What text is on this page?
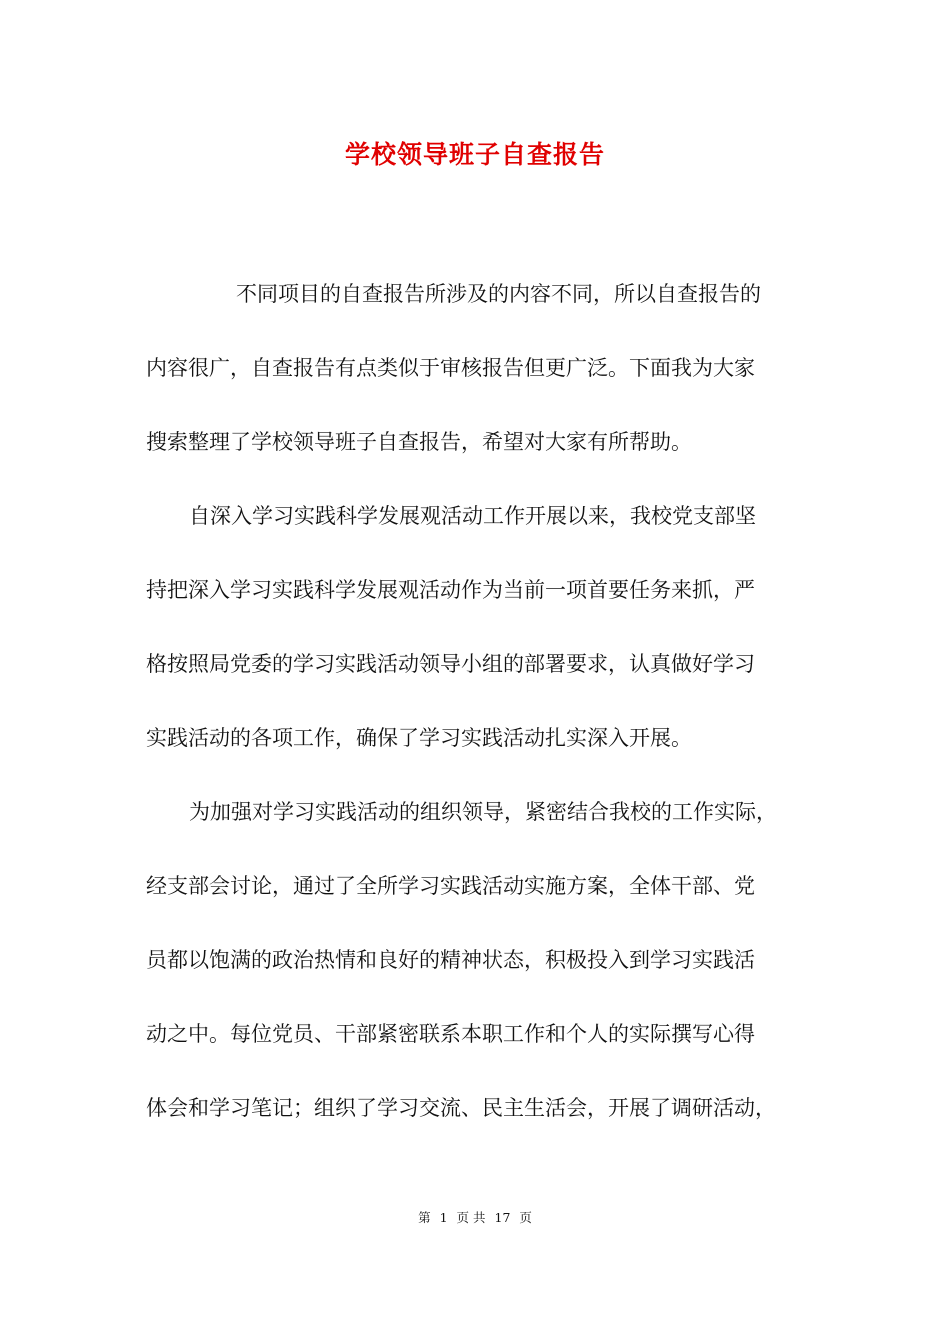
学校领导班子自查报告

不同项目的自查报告所涉及的内容不同，所以自查报告的

内容很广，自查报告有点类似于审核报告但更广泛。下面我为大家

搜索整理了学校领导班子自查报告，希望对大家有所帮助。

自深入学习实践科学发展观活动工作开展以来，我校党支部坚

持把深入学习实践科学发展观活动作为当前一项首要任务来抓，严

格按照局党委的学习实践活动领导小组的部署要求，认真做好学习

实践活动的各项工作，确保了学习实践活动扎实深入开展。

为加强对学习实践活动的组织领导，紧密结合我校的工作实际，

经支部会讨论，通过了全所学习实践活动实施方案，全体干部、党

员都以饱满的政治热情和良好的精神状态，积极投入到学习实践活

动之中。每位党员、干部紧密联系本职工作和个人的实际撰写心得

体会和学习笔记；组织了学习交流、民主生活会，开展了调研活动，

第 1 页 共 17 页
